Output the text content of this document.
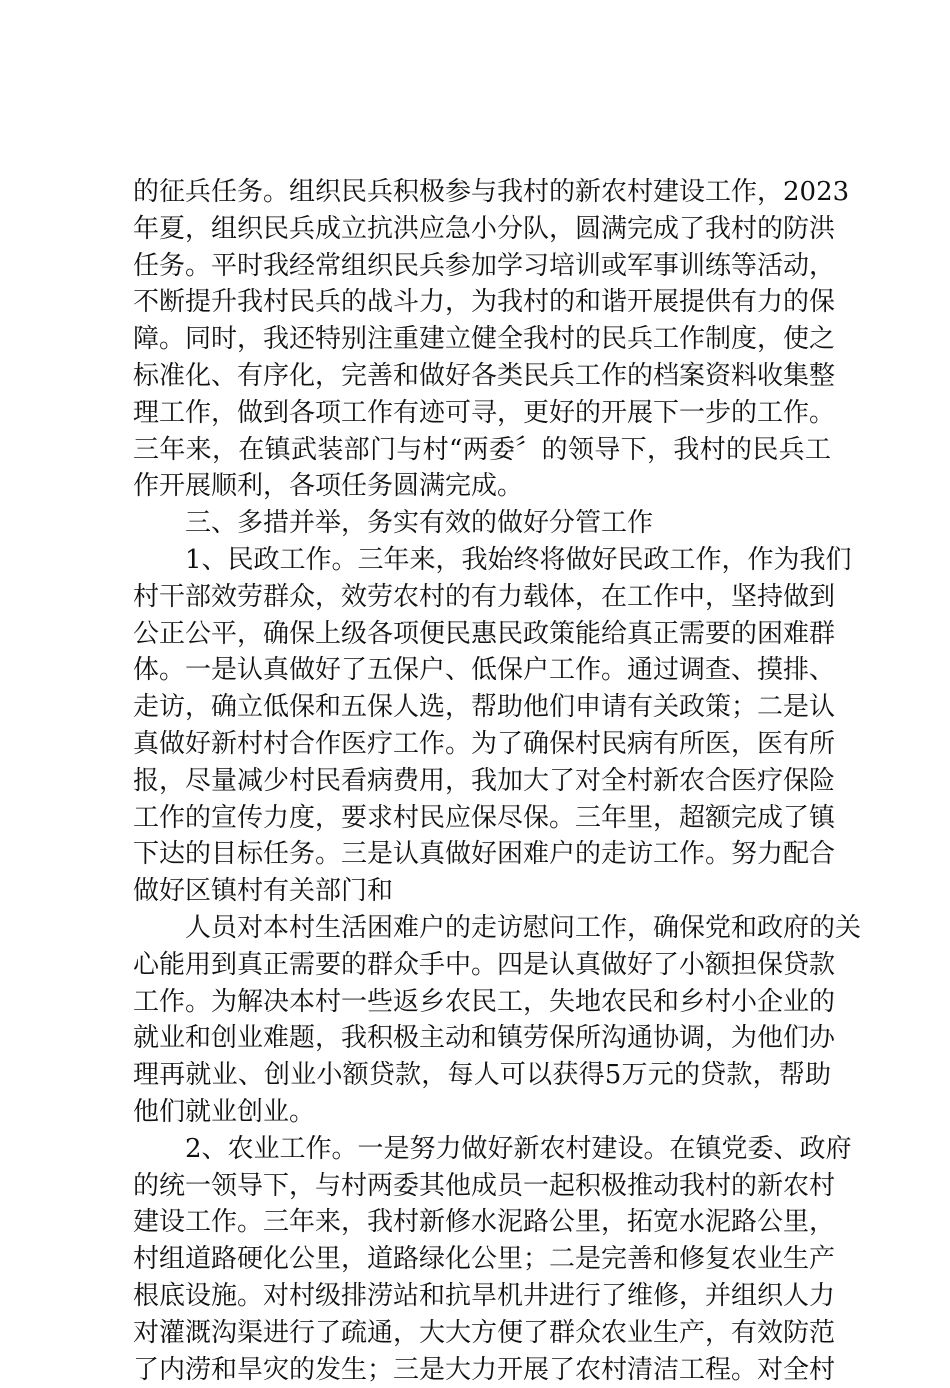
的征兵任务。组织民兵积极参与我村的新农村建设工作，2023
年夏，组织民兵成立抗洪应急小分队，圆满完成了我村的防洪
任务。平时我经常组织民兵参加学习培训或军事训练等活动，
不断提升我村民兵的战斗力，为我村的和谐开展提供有力的保
障。同时，我还特别注重建立健全我村的民兵工作制度，使之
标准化、有序化，完善和做好各类民兵工作的档案资料收集整
理工作，做到各项工作有迹可寻，更好的开展下一步的工作。
三年来，在镇武装部门与村“两委〞的领导下，我村的民兵工
作开展顺利，各项任务圆满完成。
三、多措并举，务实有效的做好分管工作
1、民政工作。三年来，我始终将做好民政工作，作为我们
村干部效劳群众，效劳农村的有力载体，在工作中，坚持做到
公正公平，确保上级各项便民惠民政策能给真正需要的困难群
体。一是认真做好了五保户、低保户工作。通过调查、摸排、
走访，确立低保和五保人选，帮助他们申请有关政策；二是认
真做好新村村合作医疗工作。为了确保村民病有所医，医有所
报，尽量减少村民看病费用，我加大了对全村新农合医疗保险
工作的宣传力度，要求村民应保尽保。三年里，超额完成了镇
下达的目标任务。三是认真做好困难户的走访工作。努力配合
做好区镇村有关部门和
人员对本村生活困难户的走访慰问工作，确保党和政府的关
心能用到真正需要的群众手中。四是认真做好了小额担保贷款
工作。为解决本村一些返乡农民工，失地农民和乡村小企业的
就业和创业难题，我积极主动和镇劳保所沟通协调，为他们办
理再就业、创业小额贷款，每人可以获得5万元的贷款，帮助
他们就业创业。
2、农业工作。一是努力做好新农村建设。在镇党委、政府
的统一领导下，与村两委其他成员一起积极推动我村的新农村
建设工作。三年来，我村新修水泥路公里，拓宽水泥路公里，
村组道路硬化公里，道路绿化公里；二是完善和修复农业生产
根底设施。对村级排涝站和抗旱机井进行了维修，并组织人力
对灌溉沟渠进行了疏通，大大方便了群众农业生产，有效防范
了内涝和旱灾的发生；三是大力开展了农村清洁工程。对全村
